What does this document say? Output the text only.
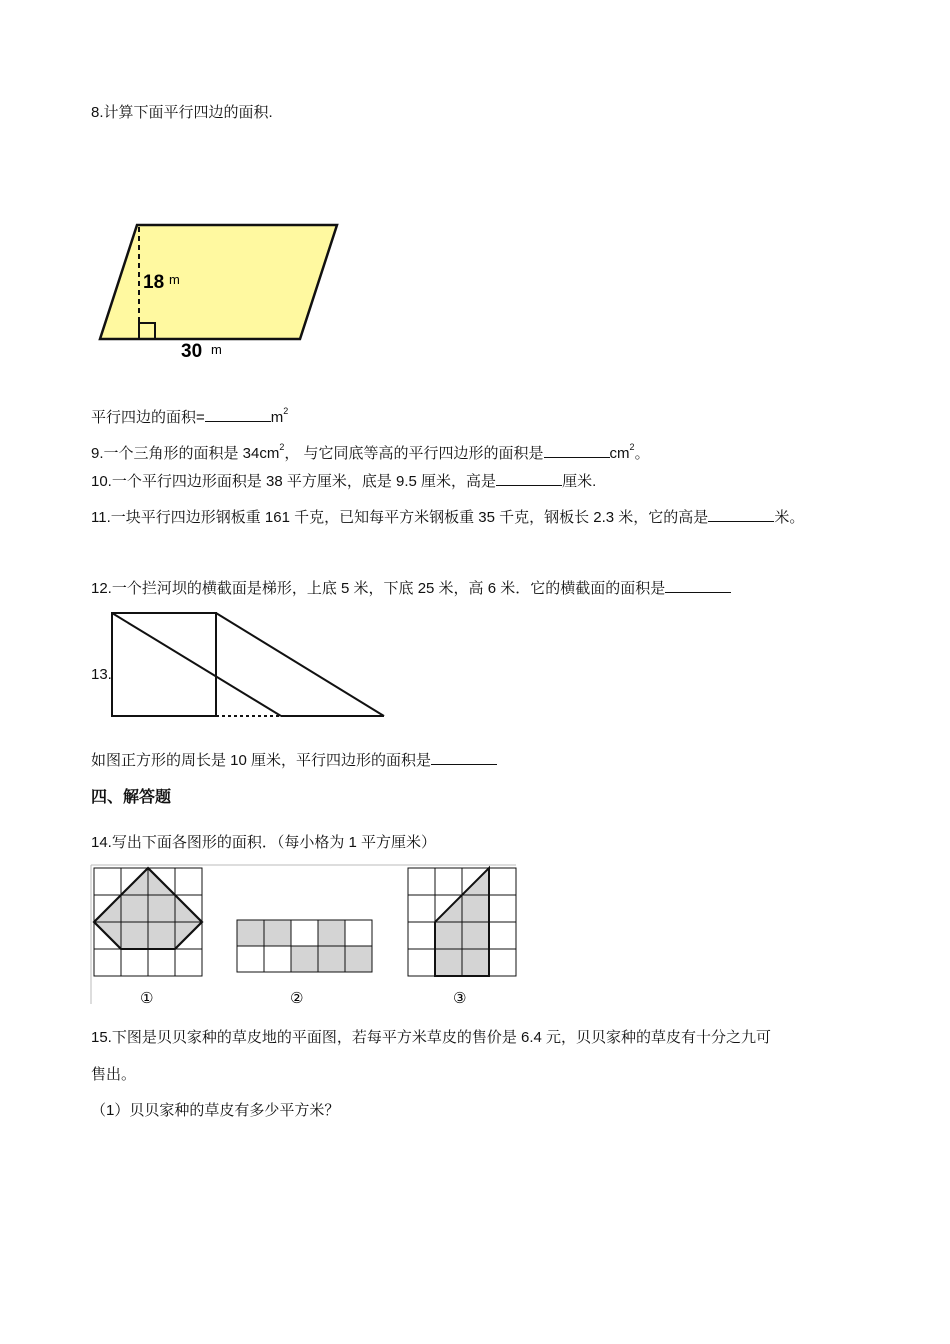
8.计算下面平行四边的面积.
18 m
30 m
平行四边的面积=	$m^2$
9.一个三角形的面积是 $34cm^2$， 与它同底等高的平行四边形的面积是	$cm^2$。
10.一个平行四边形面积是 38 平方厘米，底是 9.5 厘米，高是	厘米.
11.一块平行四边形钢板重 161 千克，已知每平方米钢板重 35 千克，钢板长 2.3 米，它的高是	米。
12.一个拦河坝的横截面是梯形，上底 5 米，下底 25 米，高 6 米．它的横截面的面积是
13.
如图正方形的周长是 10 厘米，平行四边形的面积是
四、解答题
14.写出下面各图形的面积．（每小格为 1 平方厘米）
①	②	③
15.下图是贝贝家种的草皮地的平面图，若每平方米草皮的售价是 6.4 元，贝贝家种的草皮有十分之九可
售出。
（1）贝贝家种的草皮有多少平方米？
